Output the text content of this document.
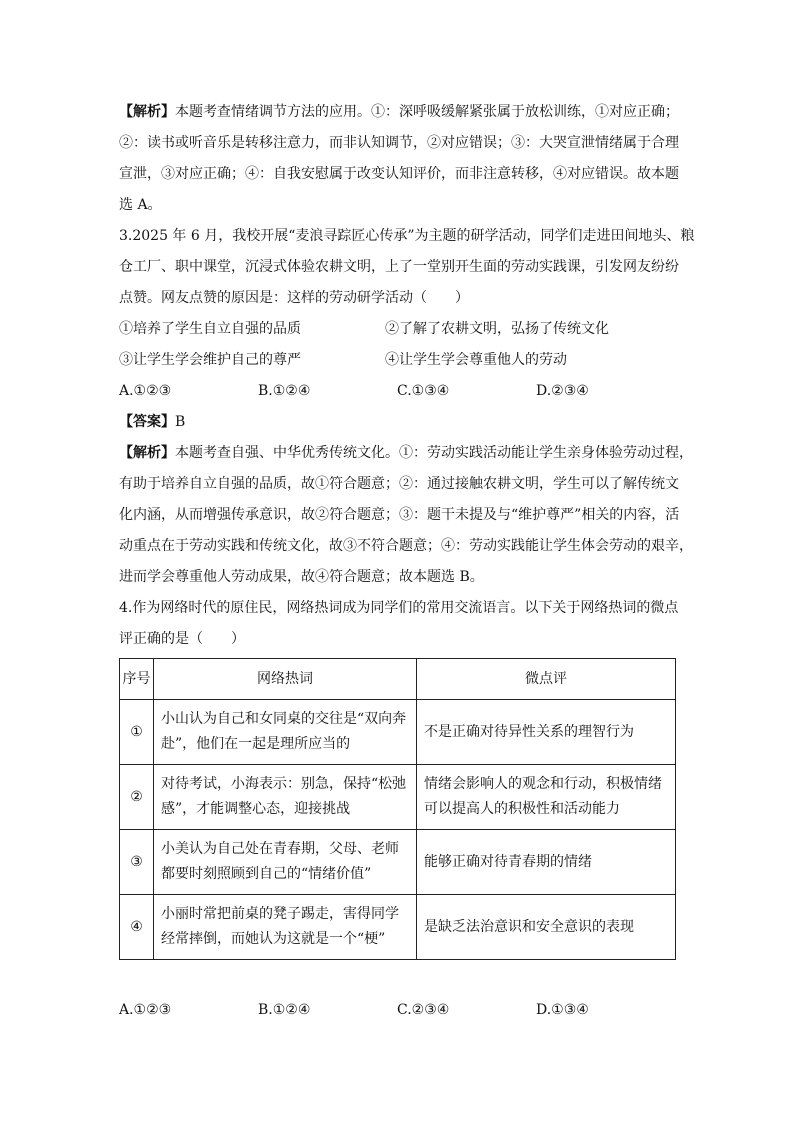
【解析】本题考查情绪调节方法的应用。①：深呼吸缓解紧张属于放松训练，①对应正确；
②：读书或听音乐是转移注意力，而非认知调节，②对应错误；③：大哭宣泄情绪属于合理
宣泄，③对应正确；④：自我安慰属于改变认知评价，而非注意转移，④对应错误。故本题
选 A。
3.2025 年 6 月，我校开展“麦浪寻踪匠心传承”为主题的研学活动，同学们走进田间地头、粮
仓工厂、职中课堂，沉浸式体验农耕文明，上了一堂别开生面的劳动实践课，引发网友纷纷
点赞。网友点赞的原因是：这样的劳动研学活动（　　）
①培养了学生自立自强的品质	②了解了农耕文明，弘扬了传统文化
③让学生学会维护自己的尊严	④让学生学会尊重他人的劳动
A.①②③	B.①②④	C.①③④	D.②③④
【答案】B
【解析】本题考查自强、中华优秀传统文化。①：劳动实践活动能让学生亲身体验劳动过程，
有助于培养自立自强的品质，故①符合题意；②：通过接触农耕文明，学生可以了解传统文
化内涵，从而增强传承意识，故②符合题意；③：题干未提及与“维护尊严”相关的内容，活
动重点在于劳动实践和传统文化，故③不符合题意；④：劳动实践能让学生体会劳动的艰辛，
进而学会尊重他人劳动成果，故④符合题意；故本题选 B。
4.作为网络时代的原住民，网络热词成为同学们的常用交流语言。以下关于网络热词的微点
评正确的是（　　）
序号	网络热词	微点评
①	小山认为自己和女同桌的交往是“双向奔赴”，他们在一起是理所应当的	不是正确对待异性关系的理智行为
②	对待考试，小海表示：别急，保持“松弛感”，才能调整心态，迎接挑战	情绪会影响人的观念和行动，积极情绪可以提高人的积极性和活动能力
③	小美认为自己处在青春期，父母、老师都要时刻照顾到自己的“情绪价值”	能够正确对待青春期的情绪
④	小丽时常把前桌的凳子踢走，害得同学经常摔倒，而她认为这就是一个“梗”	是缺乏法治意识和安全意识的表现
A.①②③	B.①②④	C.②③④	D.①③④
